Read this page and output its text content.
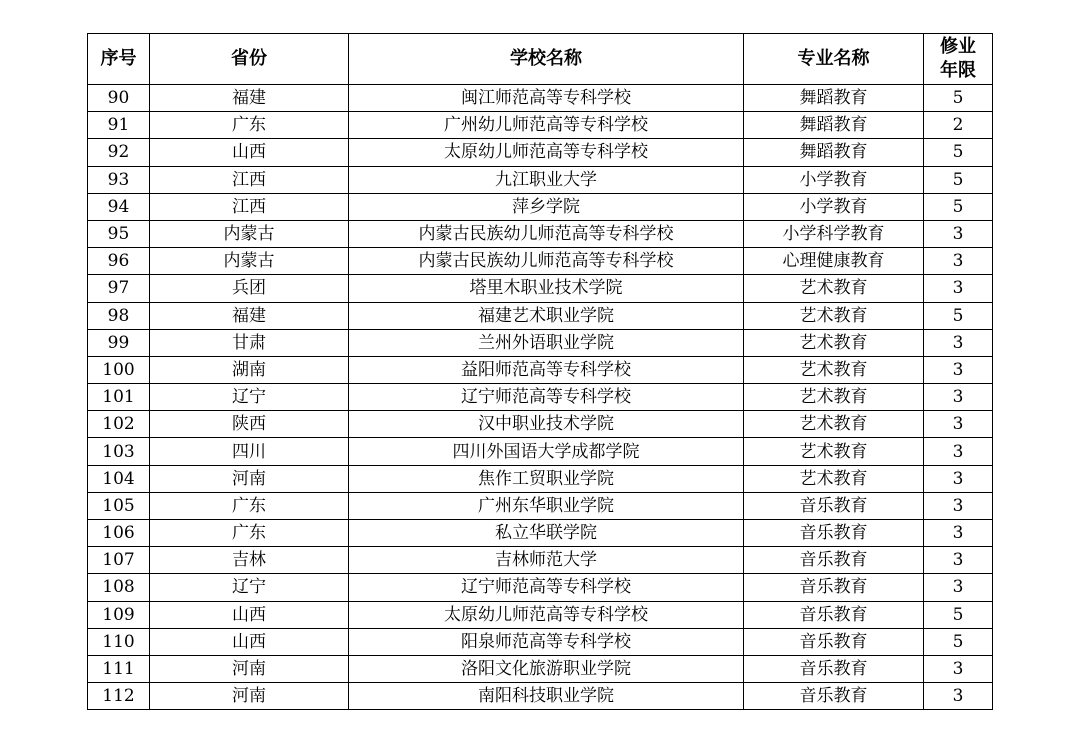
序号	省份	学校名称	专业名称	修业年限
90	福建	闽江师范高等专科学校	舞蹈教育	5
91	广东	广州幼儿师范高等专科学校	舞蹈教育	2
92	山西	太原幼儿师范高等专科学校	舞蹈教育	5
93	江西	九江职业大学	小学教育	5
94	江西	萍乡学院	小学教育	5
95	内蒙古	内蒙古民族幼儿师范高等专科学校	小学科学教育	3
96	内蒙古	内蒙古民族幼儿师范高等专科学校	心理健康教育	3
97	兵团	塔里木职业技术学院	艺术教育	3
98	福建	福建艺术职业学院	艺术教育	5
99	甘肃	兰州外语职业学院	艺术教育	3
100	湖南	益阳师范高等专科学校	艺术教育	3
101	辽宁	辽宁师范高等专科学校	艺术教育	3
102	陕西	汉中职业技术学院	艺术教育	3
103	四川	四川外国语大学成都学院	艺术教育	3
104	河南	焦作工贸职业学院	艺术教育	3
105	广东	广州东华职业学院	音乐教育	3
106	广东	私立华联学院	音乐教育	3
107	吉林	吉林师范大学	音乐教育	3
108	辽宁	辽宁师范高等专科学校	音乐教育	3
109	山西	太原幼儿师范高等专科学校	音乐教育	5
110	山西	阳泉师范高等专科学校	音乐教育	5
111	河南	洛阳文化旅游职业学院	音乐教育	3
112	河南	南阳科技职业学院	音乐教育	3
